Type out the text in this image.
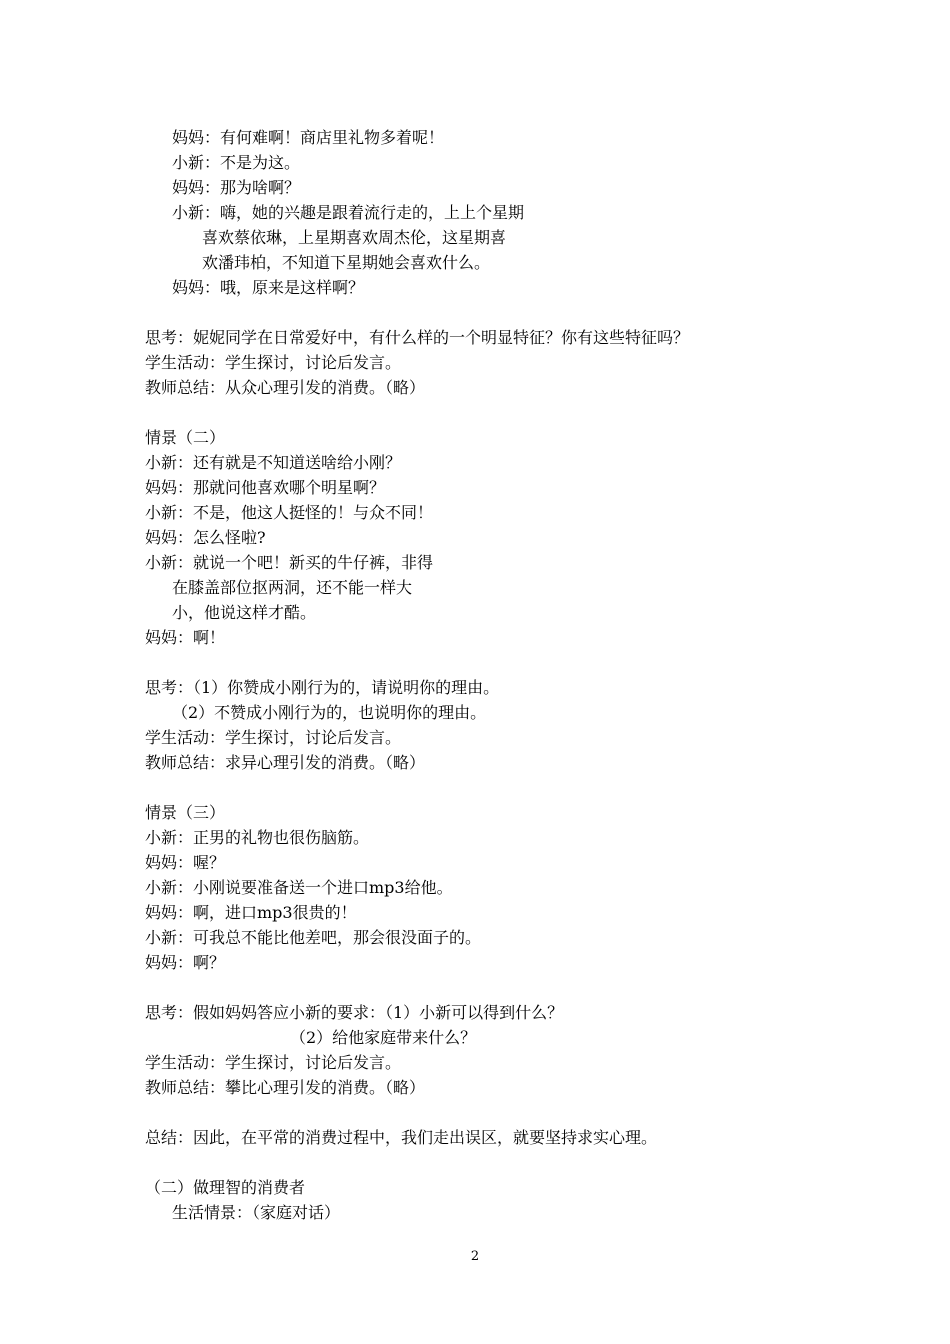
妈妈：有何难啊！商店里礼物多着呢！
小新：不是为这。
妈妈：那为啥啊？
小新：嗨，她的兴趣是跟着流行走的，上上个星期
喜欢蔡依琳，上星期喜欢周杰伦，这星期喜
欢潘玮柏，不知道下星期她会喜欢什么。
妈妈：哦，原来是这样啊？
思考：妮妮同学在日常爱好中，有什么样的一个明显特征？你有这些特征吗？
学生活动：学生探讨，讨论后发言。
教师总结：从众心理引发的消费。（略）
情景（二）
小新：还有就是不知道送啥给小刚？
妈妈：那就问他喜欢哪个明星啊？
小新：不是，他这人挺怪的！与众不同！
妈妈：怎么怪啦?
小新：就说一个吧！新买的牛仔裤，非得
在膝盖部位抠两洞，还不能一样大
小，他说这样才酷。
妈妈：啊！
思考：（1）你赞成小刚行为的，请说明你的理由。
（2）不赞成小刚行为的，也说明你的理由。
学生活动：学生探讨，讨论后发言。
教师总结：求异心理引发的消费。（略）
情景（三）
小新：正男的礼物也很伤脑筋。
妈妈：喔？
小新：小刚说要准备送一个进口mp3给他。
妈妈：啊，进口mp3很贵的！
小新：可我总不能比他差吧，那会很没面子的。
妈妈：啊？
思考：假如妈妈答应小新的要求：（1）小新可以得到什么？
（2）给他家庭带来什么？
学生活动：学生探讨，讨论后发言。
教师总结：攀比心理引发的消费。（略）
总结：因此，在平常的消费过程中，我们走出误区，就要坚持求实心理。
（二）做理智的消费者
生活情景：（家庭对话）
2
